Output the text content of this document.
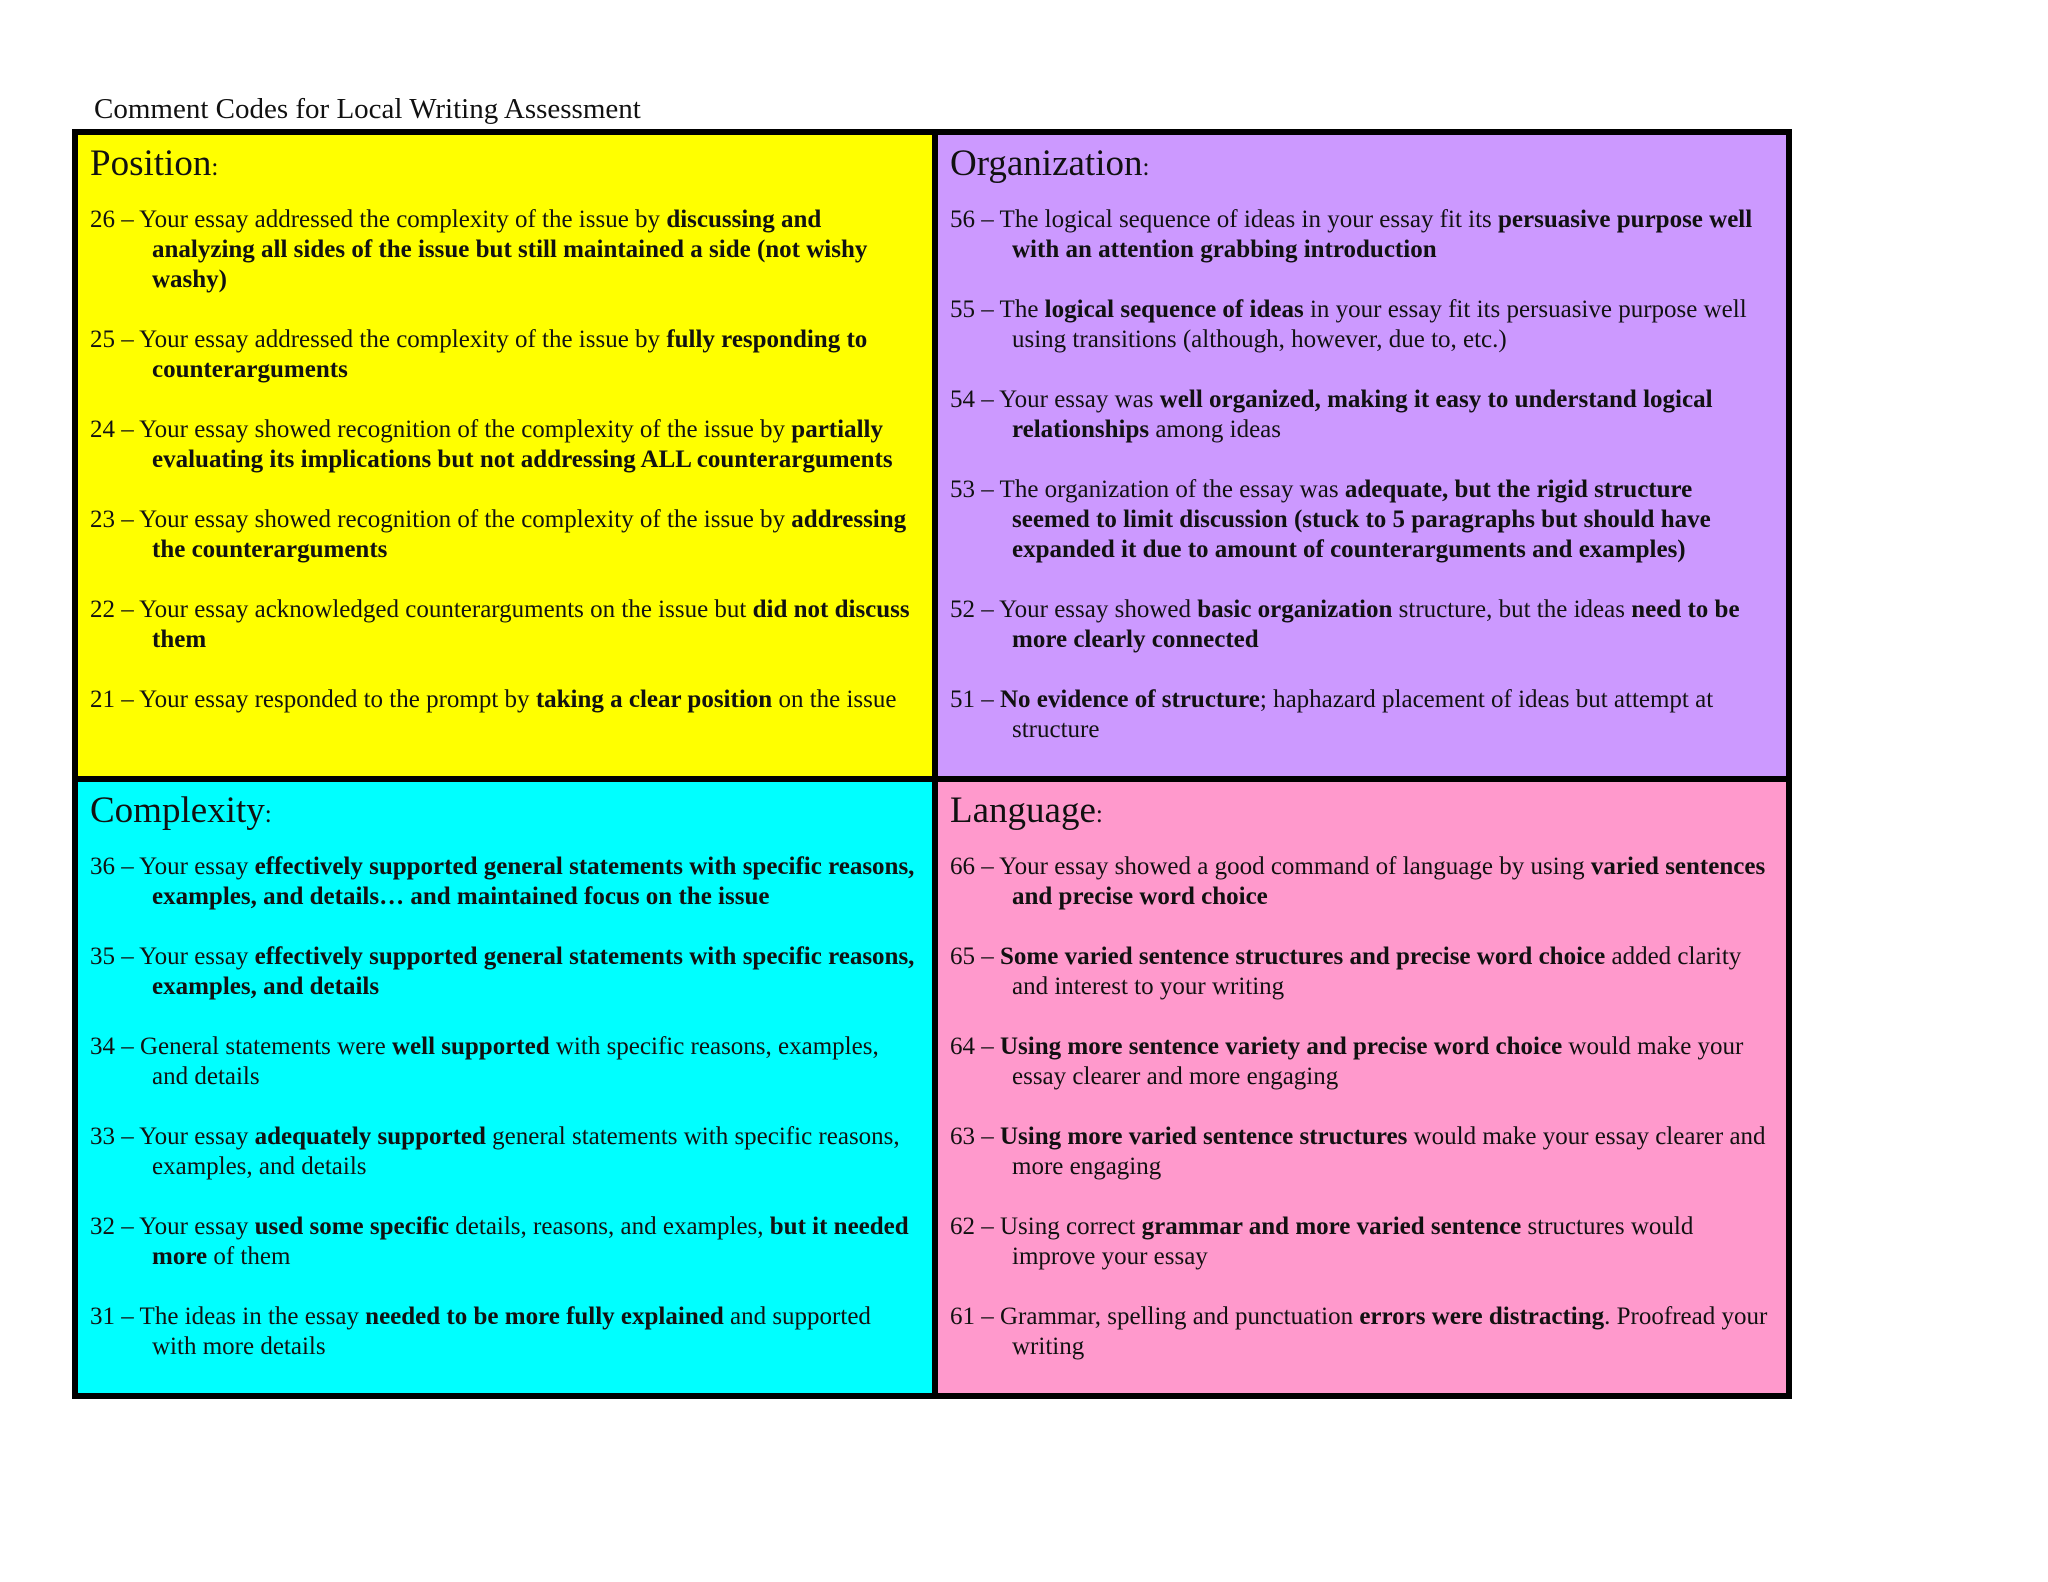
Comment Codes for Local Writing Assessment
Position:

26 – Your essay addressed the complexity of the issue by discussing and analyzing all sides of the issue but still maintained a side (not wishy washy)

25 – Your essay addressed the complexity of the issue by fully responding to counterarguments

24 – Your essay showed recognition of the complexity of the issue by partially evaluating its implications but not addressing ALL counterarguments

23 – Your essay showed recognition of the complexity of the issue by addressing the counterarguments

22 – Your essay acknowledged counterarguments on the issue but did not discuss them

21 – Your essay responded to the prompt by taking a clear position on the issue

Organization:

56 – The logical sequence of ideas in your essay fit its persuasive purpose well with an attention grabbing introduction

55 – The logical sequence of ideas in your essay fit its persuasive purpose well using transitions (although, however, due to, etc.)

54 – Your essay was well organized, making it easy to understand logical relationships among ideas

53 – The organization of the essay was adequate, but the rigid structure seemed to limit discussion (stuck to 5 paragraphs but should have expanded it due to amount of counterarguments and examples)

52 – Your essay showed basic organization structure, but the ideas need to be more clearly connected

51 – No evidence of structure; haphazard placement of ideas but attempt at structure

Complexity:

36 – Your essay effectively supported general statements with specific reasons, examples, and details… and maintained focus on the issue

35 – Your essay effectively supported general statements with specific reasons, examples, and details

34 – General statements were well supported with specific reasons, examples, and details

33 – Your essay adequately supported general statements with specific reasons, examples, and details

32 – Your essay used some specific details, reasons, and examples, but it needed more of them

31 – The ideas in the essay needed to be more fully explained and supported with more details

Language:

66 – Your essay showed a good command of language by using varied sentences and precise word choice

65 – Some varied sentence structures and precise word choice added clarity and interest to your writing

64 – Using more sentence variety and precise word choice would make your essay clearer and more engaging

63 – Using more varied sentence structures would make your essay clearer and more engaging

62 – Using correct grammar and more varied sentence structures would improve your essay

61 – Grammar, spelling and punctuation errors were distracting. Proofread your writing
